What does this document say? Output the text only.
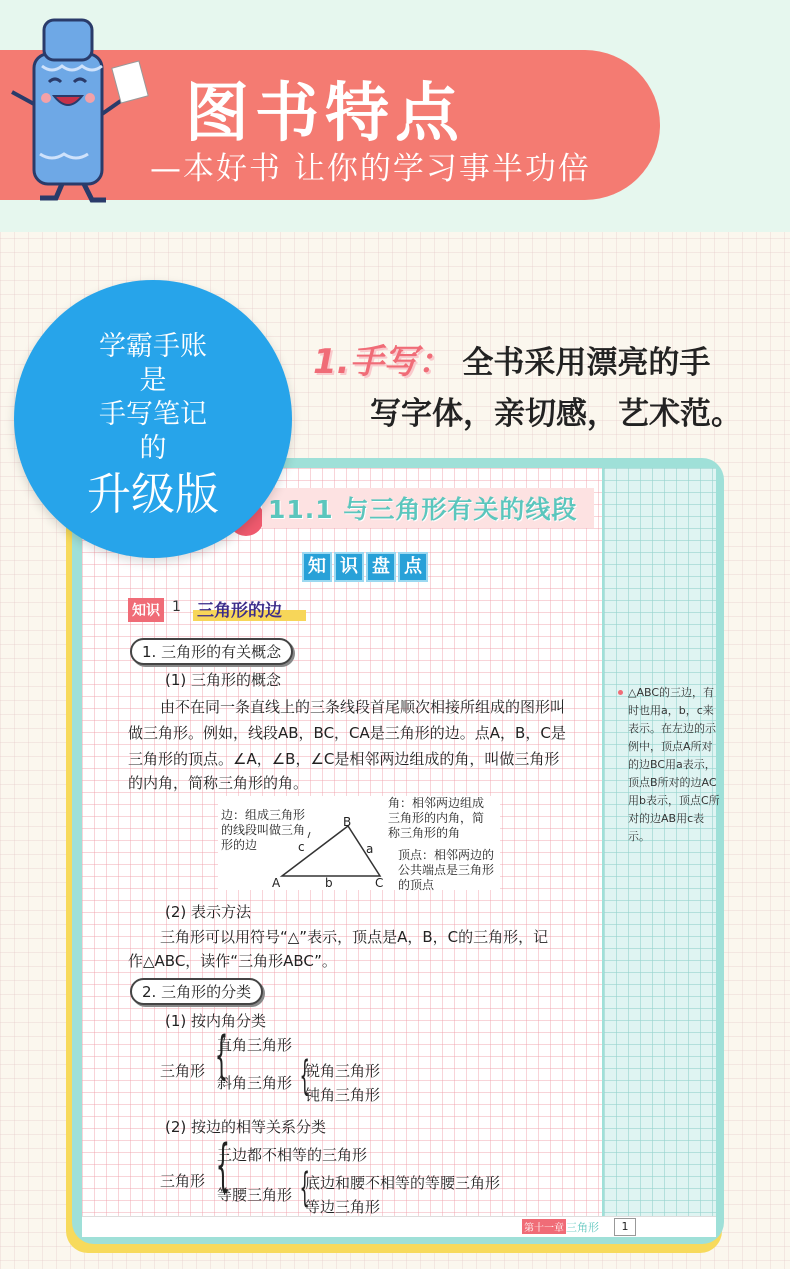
图书特点
—本好书 让你的学习事半功倍
1.手写： 全书采用漂亮的手
写字体，亲切感，艺术范。
11.1 与三角形有关的线段
知 识 盘 点
知识 1 三角形的边
1. 三角形的有关概念
(1) 三角形的概念
由不在同一条直线上的三条线段首尾顺次相接所组成的图形叫
做三角形。例如，线段AB，BC，CA是三角形的边。点A，B，C是
三角形的顶点。∠A，∠B，∠C是相邻两边组成的角，叫做三角形
的内角，简称三角形的角。
边：组成三角形
的线段叫做三角
形的边
角：相邻两边组成
三角形的内角，简
称三角形的角
顶点：相邻两边的
公共端点是三角形
的顶点
A
B
C
a
b
c
(2) 表示方法
三角形可以用符号“△”表示，顶点是A，B，C的三角形，记
作△ABC，读作“三角形ABC”。
2. 三角形的分类
(1) 按内角分类
三角形 {
直角三角形
斜角三角形 {
锐角三角形
钝角三角形
(2) 按边的相等关系分类
三角形 {
三边都不相等的三角形
等腰三角形 {
底边和腰不相等的等腰三角形
等边三角形
△ABC的三边，有时也用a，b，c来表示。在左边的示例中，顶点A所对的边BC用a表示，顶点B所对的边AC用b表示，顶点C所对的边AB用c表示。
第十一章 三角形	1
学霸手账
是
手写笔记
的
升级版
